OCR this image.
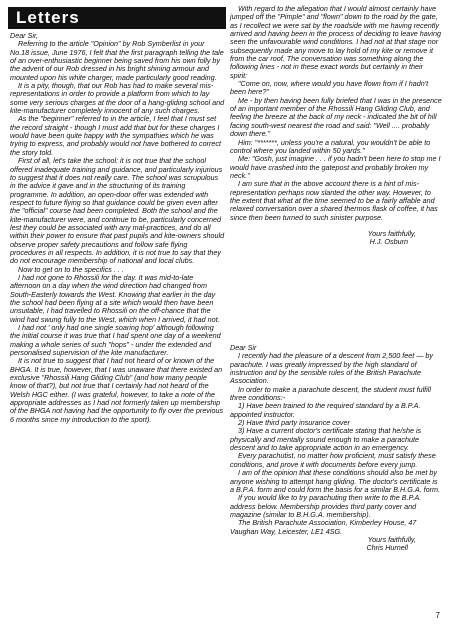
Letters

Dear Sir,

Referring to the article "Opinion" by Rob Symberlist in your No.18 issue, June 1976, I felt that the first paragraph telling the tale of an over-enthusiastic beginner being saved from his own folly by the advent of our Rob dressed in his bright shining armour and mounted upon his white charger, made particularly good reading.

It is a pity, though, that our Rob has had to make several mis-representations in order to provide a platform from which to lay some very serious charges at the door of a hang-gliding school and kite-manufacturer completely innocent of any such charges.

As the "beginner" referred to in the article, I feel that I must set the record straight - though I must add that but for these charges I would have been quite happy with the sympathies which he was trying to express, and probably would not have bothered to correct the story told.

First of all, let's take the school: it is not true that the school offered inadequate training and guidance, and particularly injurious to suggest that it does not really care. The school was scrupulous in the advice it gave and in the structuring of its training programme. In addition, an open-door offer was extended with respect to future flying so that guidance could be given even after the "official" course had been completed. Both the school and the kite-manufacturer were, and continue to be, particularly concerned lest they could be associated with any mal-practices, and do all within their power to ensure that past pupils and kite-owners should observe proper safety precautions and follow safe flying procedures in all respects. In addition, it is not true to say that they do not encourage membership of national and local clubs.

Now to get on to the specifics . . .

I had not gone to Rhossili for the day. It was mid-to-late afternoon on a day when the wind direction had changed from South-Easterly towards the West. Knowing that earlier in the day the school had been flying at a site which would then have been unsuitable, I had travelled to Rhossili on the off-chance that the wind had swung fully to the West, which when I arrived, it had not.

I had not ' only had one single soaring hop' although following the initial course it was true that I had spent one day of a weekend making a whole series of such "hops" - under the extended and personalised supervision of the kite manufacturer.

It is not true to suggest that I had not heard of or known of the BHGA. It is true, however, that I was unaware that there existed an exclusive "Rhossili Hang Gliding Club" (and how many people know of that?), but not true that I certainly had not heard of the Welsh HGC either. (I was grateful, however, to take a note of the appropriate addresses as I had not formerly taken up membership of the BHGA not having had the opportunity to fly over the previous 6 months since my introduction to the sport).

With regard to the allegation that I would almost certainly have jumped off the "Pimple" and "flown" down to the road by the gate, as I recollect we were sat by the roadside with me having recently arrived and having been in the process of deciding to leave having seen the unfavourable wind conditions. I had not at that stage nor subsequently made any move to lay hold of my kite or remove it from the car roof. The conversation was something along the following lines - not in these exact words but certainly in their spirit:

"Come on, now, where would you have flown from if I hadn't been here?"

Me - by then having been fully briefed that I was in the presence of an important member of the Rhossili Hang Gliding Club, and feeling the breeze at the back of my neck - indicated the bit of hill facing south-west nearest the road and said: "Well .... probably down there."

Him: "*******, unless you're a natural, you wouldn't be able to control where you landed within 50 yards."

Me: "Gosh, just imagine . . . if you hadn't been here to stop me I would have crashed into the gatepost and probably broken my neck."

I am sure that in the above account there is a hint of mis-representation perhaps now slanted the other way. However, to the extent that what at the time seemed to be a fairly affable and relaxed conversation over a shared thermos flask of coffee, it has since then been turned to such sinister purpose.

Yours faithfully,

H.J. Osburn

Dear Sir

I recently had the pleasure of a descent from 2,500 feet — by parachute. I was greatly impressed by the high standard of instruction and by the sensible rules of the British Parachute Association.

In order to make a parachute descent, the student must fulfill three conditions:-

1) Have been trained to the required standard by a B.P.A. appointed instructor.

2) Have third party insurance cover

3) Have a current doctor's certificate stating that he/she is physically and mentally sound enough to make a parachute descent and to take appropriate action in an emergency.

Every parachutist, no matter how proficient, must satisfy these conditions, and prove it with documents before every jump.

I am of the opinion that these conditions should also be met by anyone wishing to attempt hang gliding. The doctor's certificate is a B.P.A. form and could form the basis for a similar B.H.G.A. form.

If you would like to try parachuting then write to the B.P.A. address below. Membership provides third party cover and magazine (similar to B.H.G.A. membership).

The British Parachute Association, Kimberley House, 47 Vaughan Way, Leicester, LE1 4SG.

Yours faithfully,

Chris Hurnell

7
